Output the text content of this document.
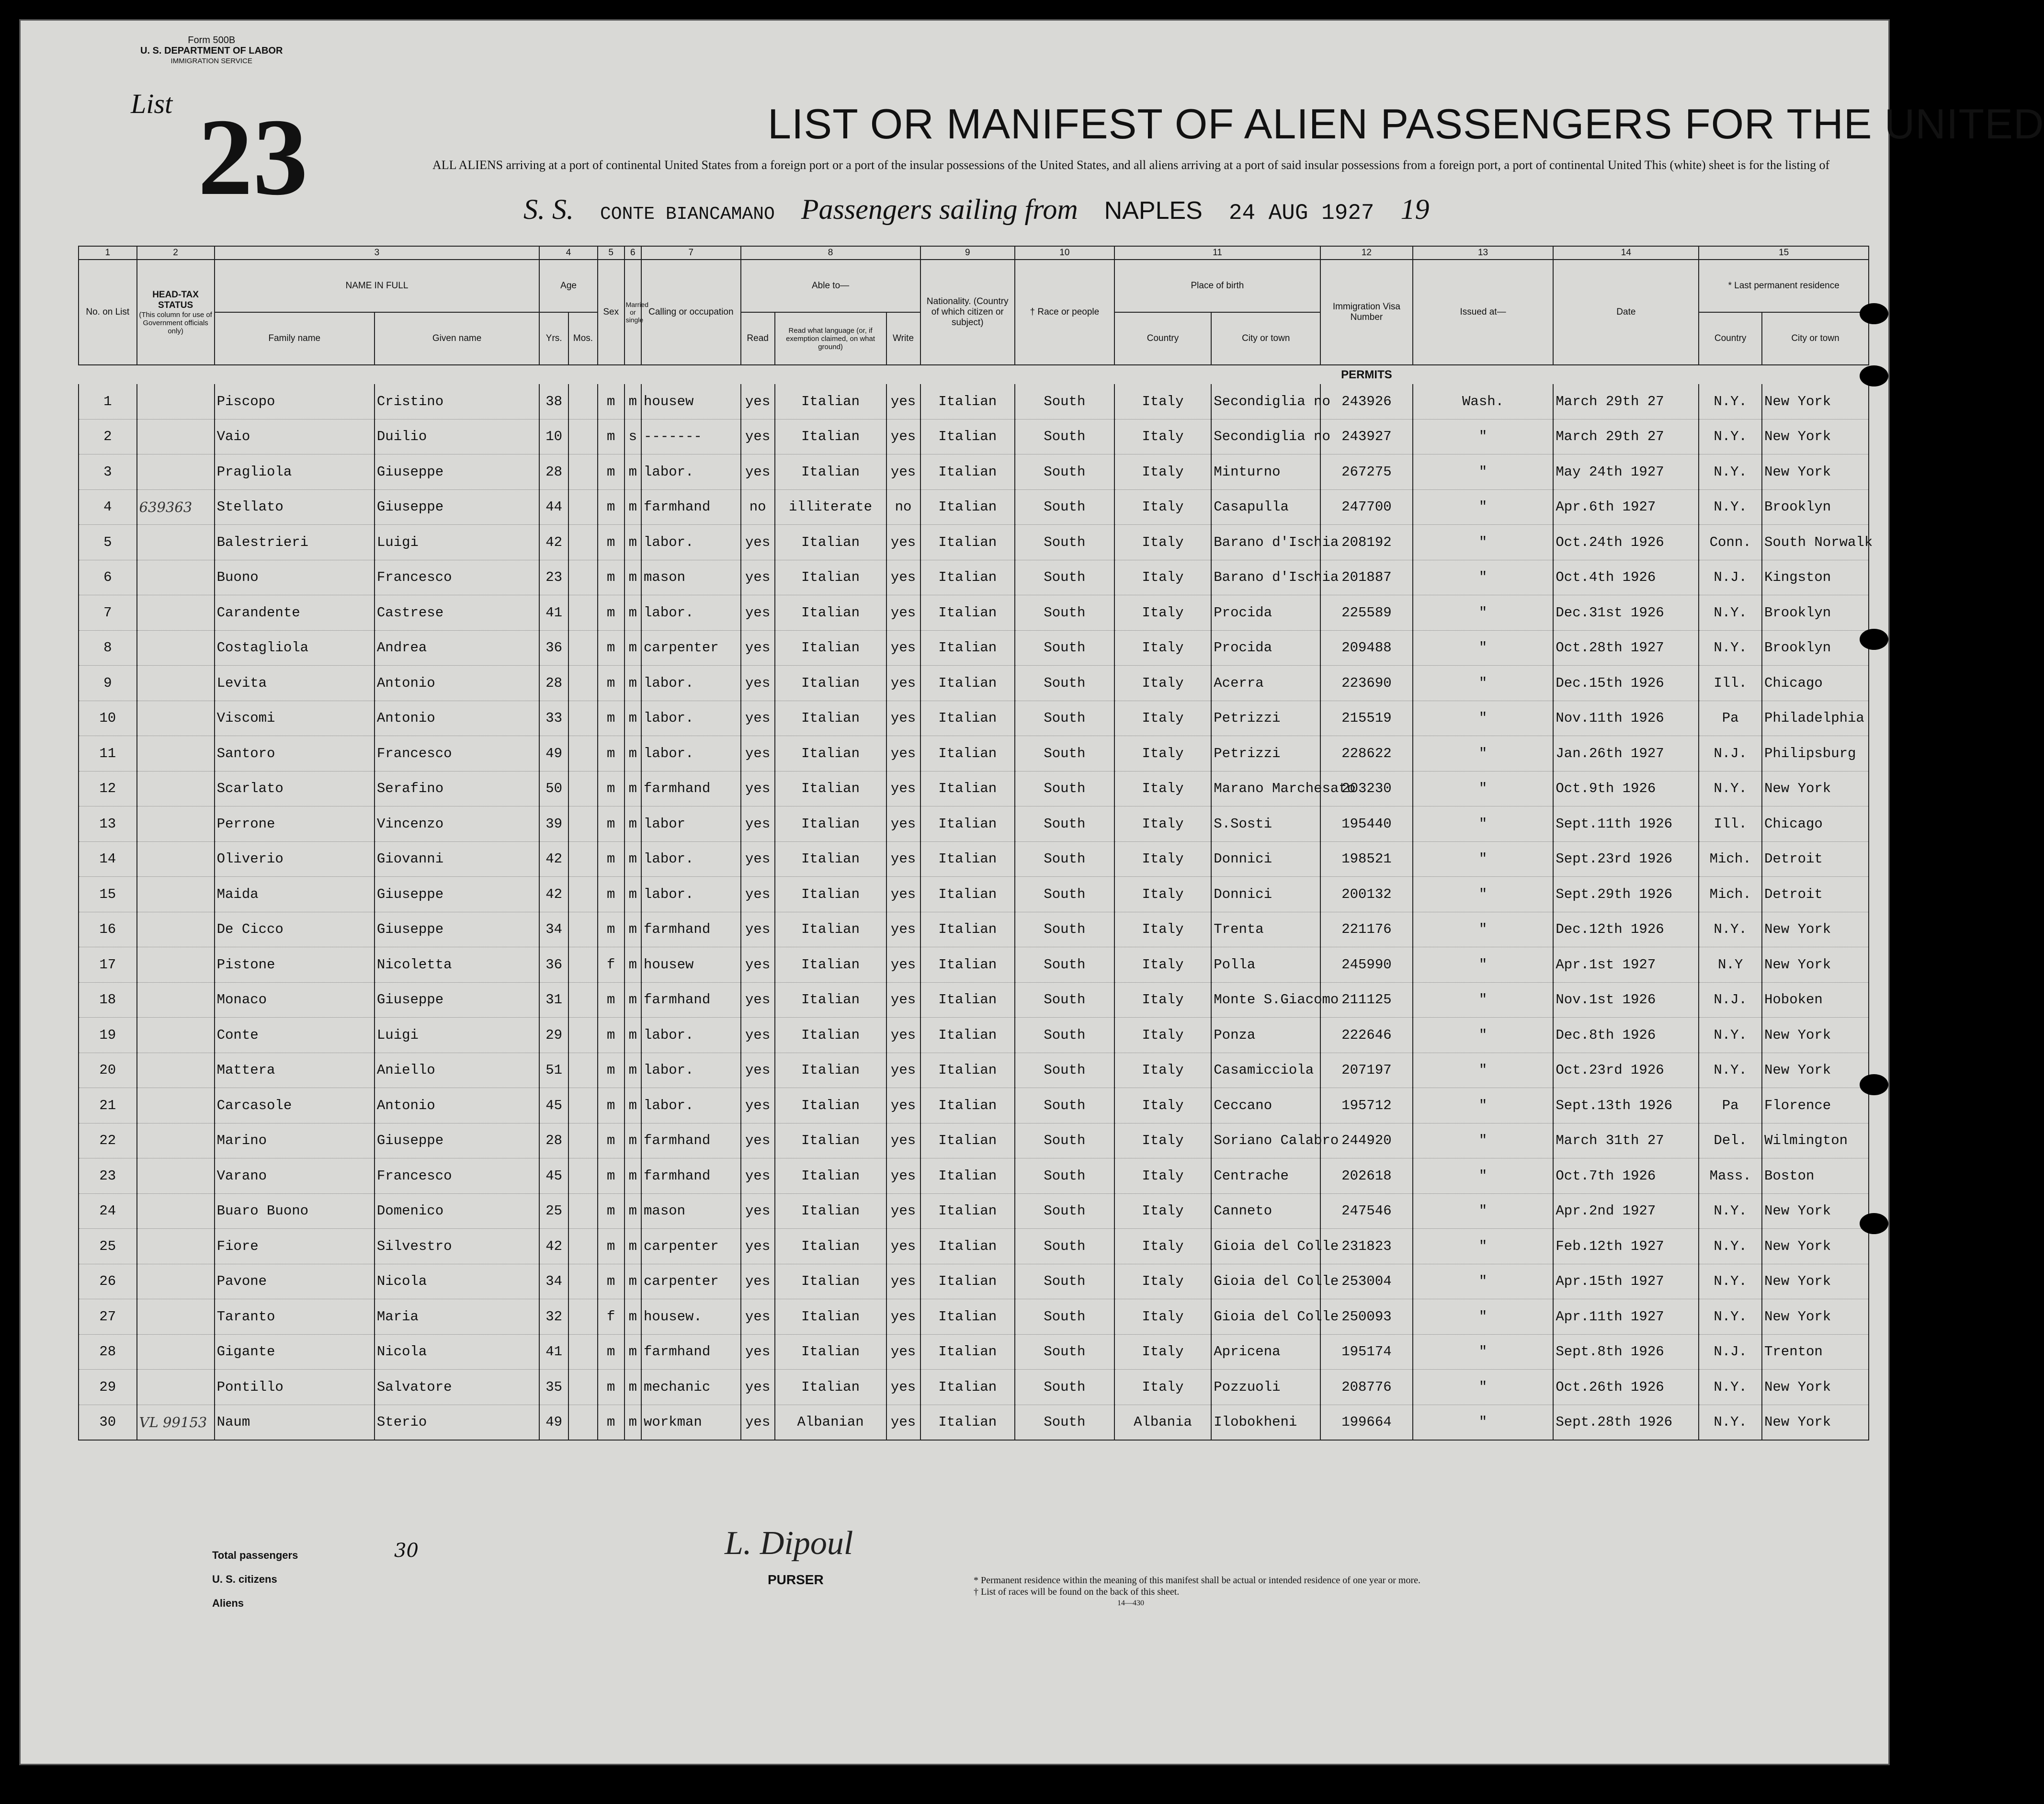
Form 500B
U. S. DEPARTMENT OF LABOR
IMMIGRATION SERVICE
List 23	LIST OR MANIFEST OF ALIEN PASSENGERS FOR THE UNITED
ALL ALIENS arriving at a port of continental United States from a foreign port or a port of the insular possessions of the United States, and all aliens arriving at a port of said insular possessions from a foreign port, a port of continental United This (white) sheet is for the listing of
S. S. CONTE BIANCAMANO Passengers sailing from NAPLES 24 AUG 1927 19
1	2	3		4		5	6	7	8			9	10	11		12	13	14	15	
No. on List	HEAD-TAX STATUS
(This column for use of Government officials only)	NAME IN FULL		Age		Sex	Married or single	Calling or occupation	Able to—			Nationality. (Country of which citizen or subject)	† Race or people	Place of birth		Immigration Visa Number	Issued at—	Date	* Last permanent residence	
		Family name	Given name	Yrs.	Mos.				Read	Read what language (or, if exemption claimed, on what ground)	Write			Country	City or town				Country	City or town
																PERMITS				
1		Piscopo	Cristino	38		m	m	housew	yes	Italian	yes	Italian	South	Italy	Secondiglia no	243926	Wash.	March 29th 27	N.Y.	New York
2		Vaio	Duilio	10		m	s	-------	yes	Italian	yes	Italian	South	Italy	Secondiglia no	243927	"	March 29th 27	N.Y.	New York
3		Pragliola	Giuseppe	28		m	m	labor.	yes	Italian	yes	Italian	South	Italy	Minturno	267275	"	May 24th 1927	N.Y.	New York
4	639363	Stellato	Giuseppe	44		m	m	farmhand	no	illiterate	no	Italian	South	Italy	Casapulla	247700	"	Apr.6th 1927	N.Y.	Brooklyn
5		Balestrieri	Luigi	42		m	m	labor.	yes	Italian	yes	Italian	South	Italy	Barano d'Ischia	208192	"	Oct.24th 1926	Conn.	South Norwalk
6		Buono	Francesco	23		m	m	mason	yes	Italian	yes	Italian	South	Italy	Barano d'Ischia	201887	"	Oct.4th 1926	N.J.	Kingston
7		Carandente	Castrese	41		m	m	labor.	yes	Italian	yes	Italian	South	Italy	Procida	225589	"	Dec.31st 1926	N.Y.	Brooklyn
8		Costagliola	Andrea	36		m	m	carpenter	yes	Italian	yes	Italian	South	Italy	Procida	209488	"	Oct.28th 1927	N.Y.	Brooklyn
9		Levita	Antonio	28		m	m	labor.	yes	Italian	yes	Italian	South	Italy	Acerra	223690	"	Dec.15th 1926	Ill.	Chicago
10		Viscomi	Antonio	33		m	m	labor.	yes	Italian	yes	Italian	South	Italy	Petrizzi	215519	"	Nov.11th 1926	Pa	Philadelphia
11		Santoro	Francesco	49		m	m	labor.	yes	Italian	yes	Italian	South	Italy	Petrizzi	228622	"	Jan.26th 1927	N.J.	Philipsburg
12		Scarlato	Serafino	50		m	m	farmhand	yes	Italian	yes	Italian	South	Italy	Marano Marchesato	203230	"	Oct.9th 1926	N.Y.	New York
13		Perrone	Vincenzo	39		m	m	labor	yes	Italian	yes	Italian	South	Italy	S.Sosti	195440	"	Sept.11th 1926	Ill.	Chicago
14		Oliverio	Giovanni	42		m	m	labor.	yes	Italian	yes	Italian	South	Italy	Donnici	198521	"	Sept.23rd 1926	Mich.	Detroit
15		Maida	Giuseppe	42		m	m	labor.	yes	Italian	yes	Italian	South	Italy	Donnici	200132	"	Sept.29th 1926	Mich.	Detroit
16		De Cicco	Giuseppe	34		m	m	farmhand	yes	Italian	yes	Italian	South	Italy	Trenta	221176	"	Dec.12th 1926	N.Y.	New York
17		Pistone	Nicoletta	36		f	m	housew	yes	Italian	yes	Italian	South	Italy	Polla	245990	"	Apr.1st 1927	N.Y	New York
18		Monaco	Giuseppe	31		m	m	farmhand	yes	Italian	yes	Italian	South	Italy	Monte S.Giacomo	211125	"	Nov.1st 1926	N.J.	Hoboken
19		Conte	Luigi	29		m	m	labor.	yes	Italian	yes	Italian	South	Italy	Ponza	222646	"	Dec.8th 1926	N.Y.	New York
20		Mattera	Aniello	51		m	m	labor.	yes	Italian	yes	Italian	South	Italy	Casamicciola	207197	"	Oct.23rd 1926	N.Y.	New York
21		Carcasole	Antonio	45		m	m	labor.	yes	Italian	yes	Italian	South	Italy	Ceccano	195712	"	Sept.13th 1926	Pa	Florence
22		Marino	Giuseppe	28		m	m	farmhand	yes	Italian	yes	Italian	South	Italy	Soriano Calabro	244920	"	March 31th 27	Del.	Wilmington
23		Varano	Francesco	45		m	m	farmhand	yes	Italian	yes	Italian	South	Italy	Centrache	202618	"	Oct.7th 1926	Mass.	Boston
24		Buaro Buono	Domenico	25		m	m	mason	yes	Italian	yes	Italian	South	Italy	Canneto	247546	"	Apr.2nd 1927	N.Y.	New York
25		Fiore	Silvestro	42		m	m	carpenter	yes	Italian	yes	Italian	South	Italy	Gioia del Colle	231823	"	Feb.12th 1927	N.Y.	New York
26		Pavone	Nicola	34		m	m	carpenter	yes	Italian	yes	Italian	South	Italy	Gioia del Colle	253004	"	Apr.15th 1927	N.Y.	New York
27		Taranto	Maria	32		f	m	housew.	yes	Italian	yes	Italian	South	Italy	Gioia del Colle	250093	"	Apr.11th 1927	N.Y.	New York
28		Gigante	Nicola	41		m	m	farmhand	yes	Italian	yes	Italian	South	Italy	Apricena	195174	"	Sept.8th 1926	N.J.	Trenton
29		Pontillo	Salvatore	35		m	m	mechanic	yes	Italian	yes	Italian	South	Italy	Pozzuoli	208776	"	Oct.26th 1926	N.Y.	New York
30	VL 99153	Naum	Sterio	49		m	m	workman	yes	Albanian	yes	Italian	South	Albania	Ilobokheni	199664	"	Sept.28th 1926	N.Y.	New York
Total passengers
U. S. citizens
Aliens
30	L. Dipoul
PURSER	* Permanent residence within the meaning of this manifest shall be actual or intended residence of one year or more.
† List of races will be found on the back of this sheet.
14—430
